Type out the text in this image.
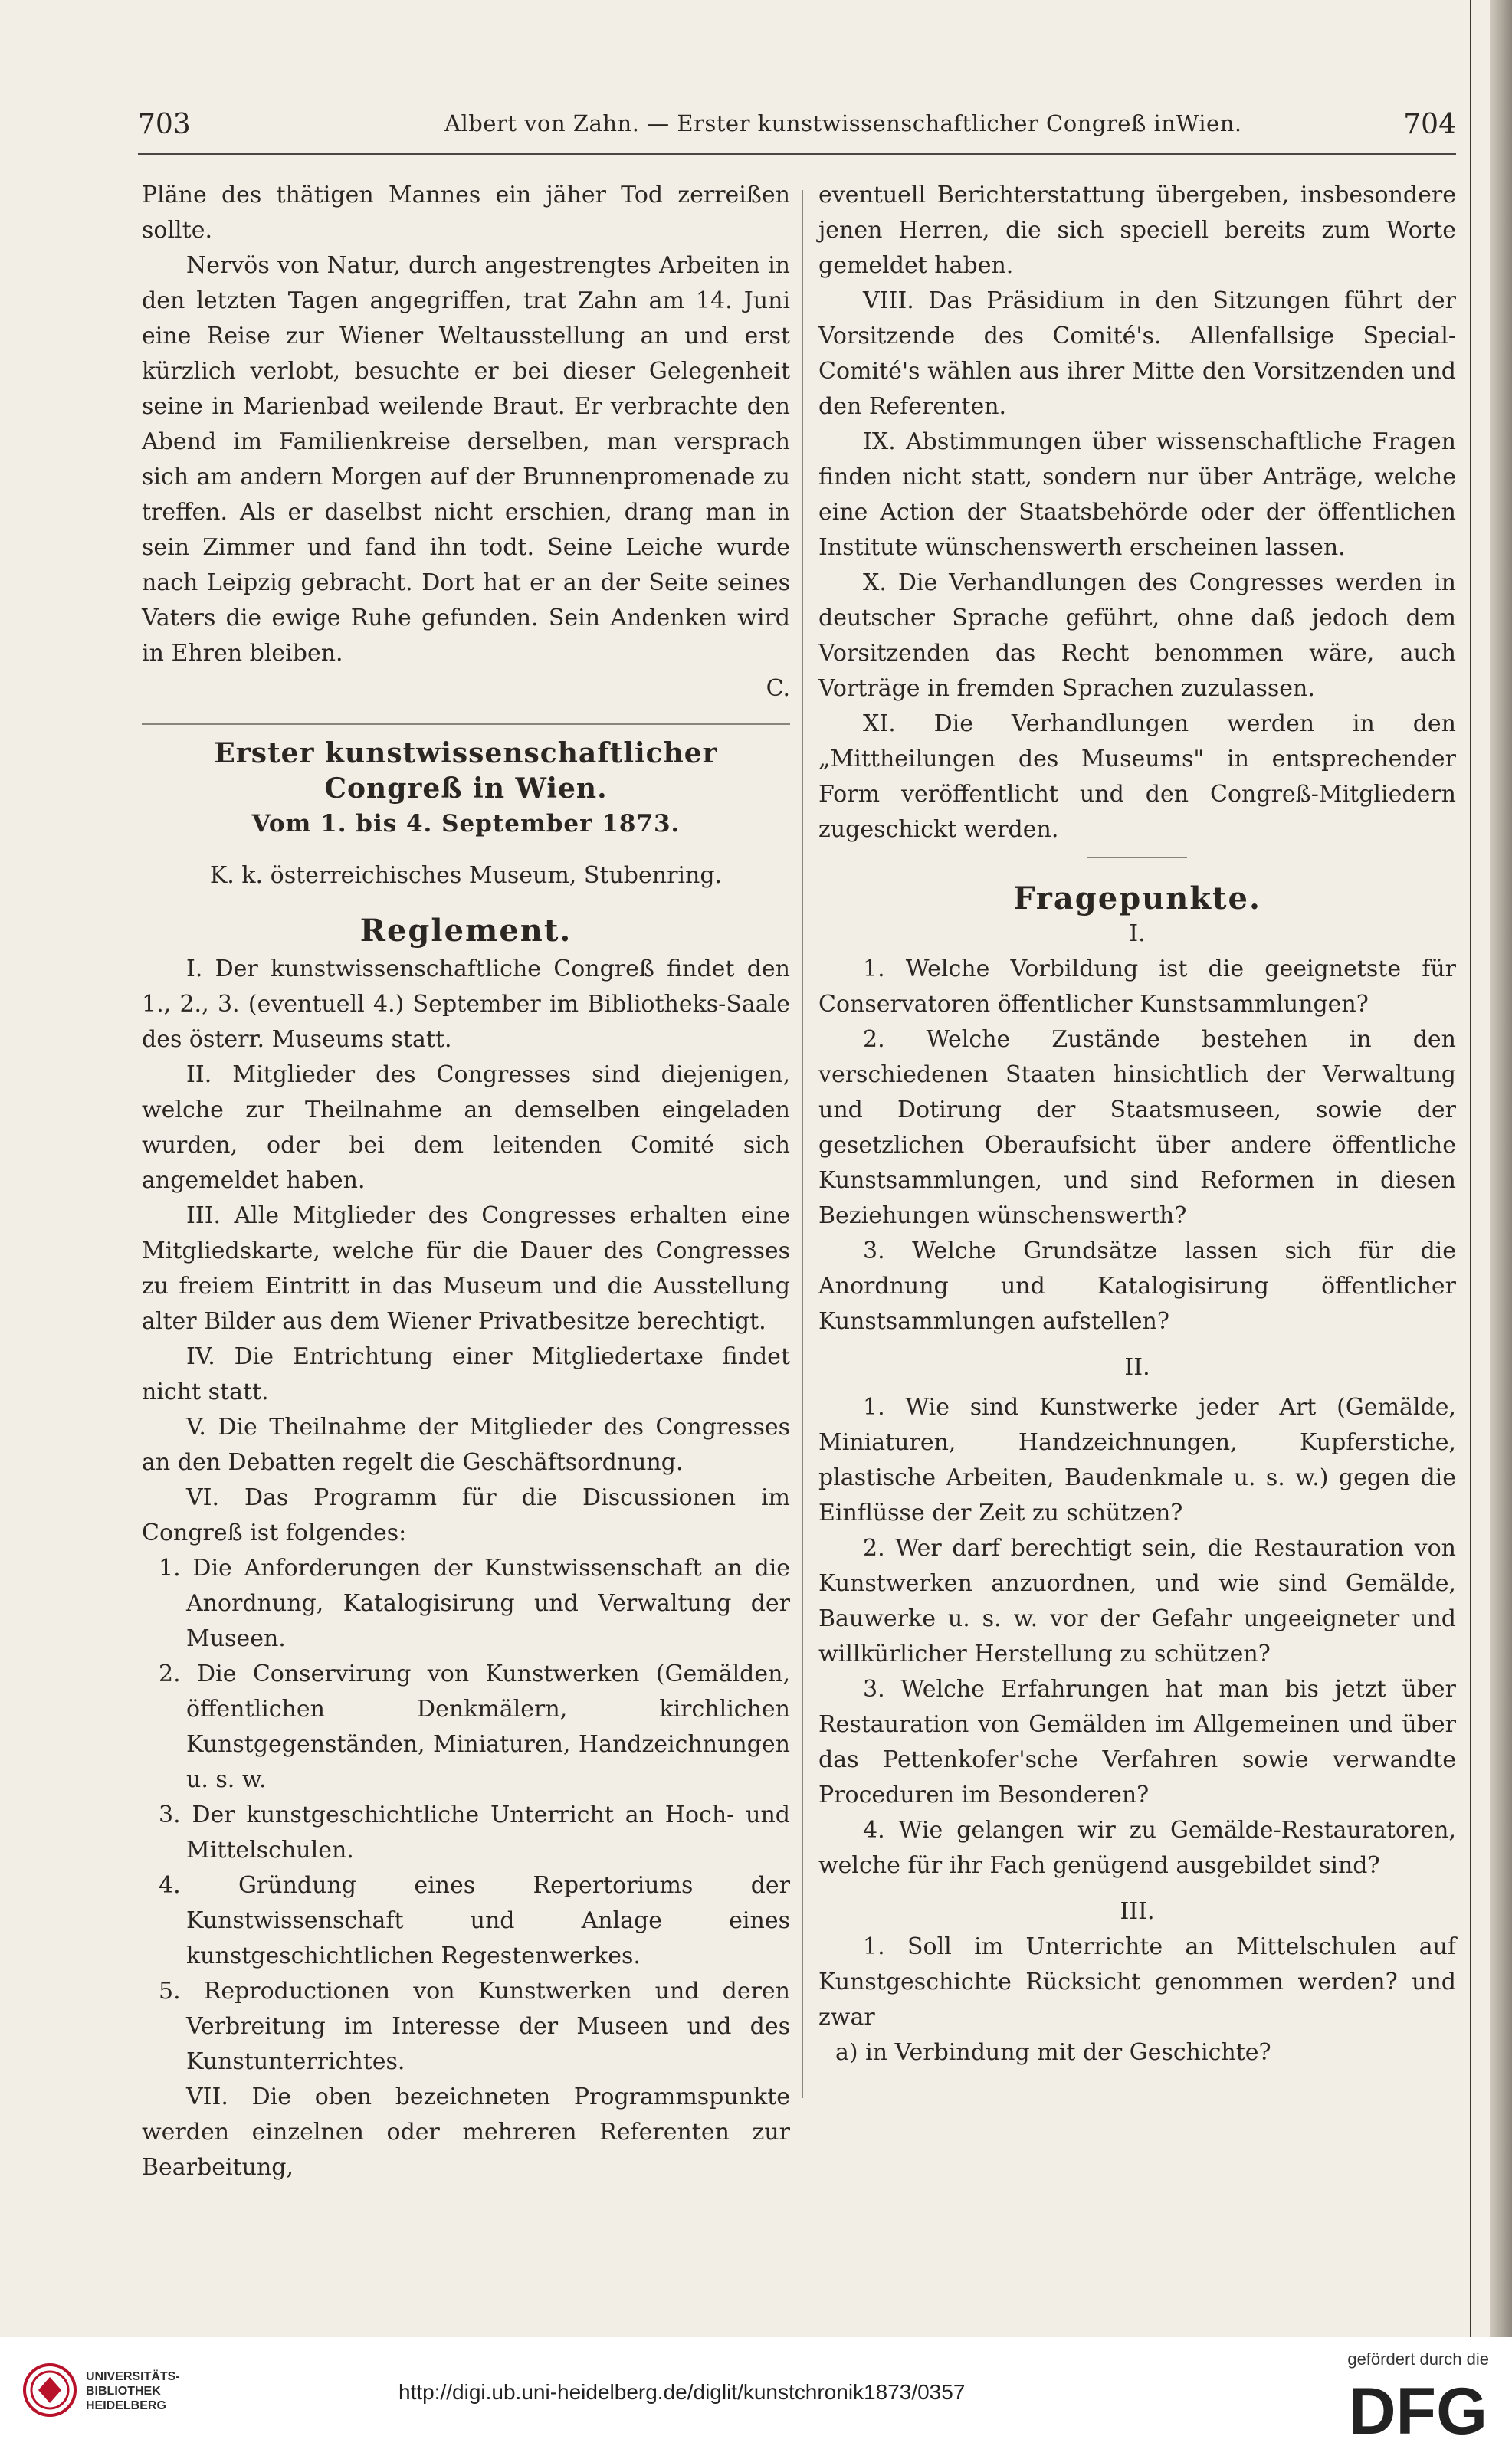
703	Albert von Zahn. — Erster kunstwissenschaftlicher Congreß inWien.	704

Pläne des thätigen Mannes ein jäher Tod zerreißen sollte.

Nervös von Natur, durch angestrengtes Arbeiten in den letzten Tagen angegriffen, trat Zahn am 14. Juni eine Reise zur Wiener Weltausstellung an und erst kürzlich verlobt, besuchte er bei dieser Gelegenheit seine in Marienbad weilende Braut. Er verbrachte den Abend im Familienkreise derselben, man versprach sich am andern Morgen auf der Brunnenpromenade zu treffen. Als er daselbst nicht erschien, drang man in sein Zimmer und fand ihn todt. Seine Leiche wurde nach Leipzig gebracht. Dort hat er an der Seite seines Vaters die ewige Ruhe gefunden. Sein Andenken wird in Ehren bleiben.

C.

Erster kunstwissenschaftlicher Congreß in Wien.

Vom 1. bis 4. September 1873.

K. k. österreichisches Museum, Stubenring.

Reglement.

I. Der kunstwissenschaftliche Congreß findet den 1., 2., 3. (eventuell 4.) September im Bibliotheks-Saale des österr. Museums statt.

II. Mitglieder des Congresses sind diejenigen, welche zur Theilnahme an demselben eingeladen wurden, oder bei dem leitenden Comité sich angemeldet haben.

III. Alle Mitglieder des Congresses erhalten eine Mitgliedskarte, welche für die Dauer des Congresses zu freiem Eintritt in das Museum und die Ausstellung alter Bilder aus dem Wiener Privatbesitze berechtigt.

IV. Die Entrichtung einer Mitgliedertaxe findet nicht statt.

V. Die Theilnahme der Mitglieder des Congresses an den Debatten regelt die Geschäftsordnung.

VI. Das Programm für die Discussionen im Congreß ist folgendes:

1. Die Anforderungen der Kunstwissenschaft an die Anordnung, Katalogisirung und Verwaltung der Museen.

2. Die Conservirung von Kunstwerken (Gemälden, öffentlichen Denkmälern, kirchlichen Kunstgegenständen, Miniaturen, Handzeichnungen u. s. w.

3. Der kunstgeschichtliche Unterricht an Hoch- und Mittelschulen.

4. Gründung eines Repertoriums der Kunstwissenschaft und Anlage eines kunstgeschichtlichen Regestenwerkes.

5. Reproductionen von Kunstwerken und deren Verbreitung im Interesse der Museen und des Kunstunterrichtes.

VII. Die oben bezeichneten Programmspunkte werden einzelnen oder mehreren Referenten zur Bearbeitung,

eventuell Berichterstattung übergeben, insbesondere jenen Herren, die sich speciell bereits zum Worte gemeldet haben.

VIII. Das Präsidium in den Sitzungen führt der Vorsitzende des Comité's. Allenfallsige Special-Comité's wählen aus ihrer Mitte den Vorsitzenden und den Referenten.

IX. Abstimmungen über wissenschaftliche Fragen finden nicht statt, sondern nur über Anträge, welche eine Action der Staatsbehörde oder der öffentlichen Institute wünschenswerth erscheinen lassen.

X. Die Verhandlungen des Congresses werden in deutscher Sprache geführt, ohne daß jedoch dem Vorsitzenden das Recht benommen wäre, auch Vorträge in fremden Sprachen zuzulassen.

XI. Die Verhandlungen werden in den „Mittheilungen des Museums" in entsprechender Form veröffentlicht und den Congreß-Mitgliedern zugeschickt werden.

Fragepunkte.

I.

1. Welche Vorbildung ist die geeignetste für Conservatoren öffentlicher Kunstsammlungen?

2. Welche Zustände bestehen in den verschiedenen Staaten hinsichtlich der Verwaltung und Dotirung der Staatsmuseen, sowie der gesetzlichen Oberaufsicht über andere öffentliche Kunstsammlungen, und sind Reformen in diesen Beziehungen wünschenswerth?

3. Welche Grundsätze lassen sich für die Anordnung und Katalogisirung öffentlicher Kunstsammlungen aufstellen?

II.

1. Wie sind Kunstwerke jeder Art (Gemälde, Miniaturen, Handzeichnungen, Kupferstiche, plastische Arbeiten, Baudenkmale u. s. w.) gegen die Einflüsse der Zeit zu schützen?

2. Wer darf berechtigt sein, die Restauration von Kunstwerken anzuordnen, und wie sind Gemälde, Bauwerke u. s. w. vor der Gefahr ungeeigneter und willkürlicher Herstellung zu schützen?

3. Welche Erfahrungen hat man bis jetzt über Restauration von Gemälden im Allgemeinen und über das Pettenkofer'sche Verfahren sowie verwandte Proceduren im Besonderen?

4. Wie gelangen wir zu Gemälde-Restauratoren, welche für ihr Fach genügend ausgebildet sind?

III.

1. Soll im Unterrichte an Mittelschulen auf Kunstgeschichte Rücksicht genommen werden? und zwar

a) in Verbindung mit der Geschichte?

UNIVERSITÄTS-
BIBLIOTHEK
HEIDELBERG
http://digi.ub.uni-heidelberg.de/diglit/kunstchronik1873/0357
gefördert durch die
DFG
